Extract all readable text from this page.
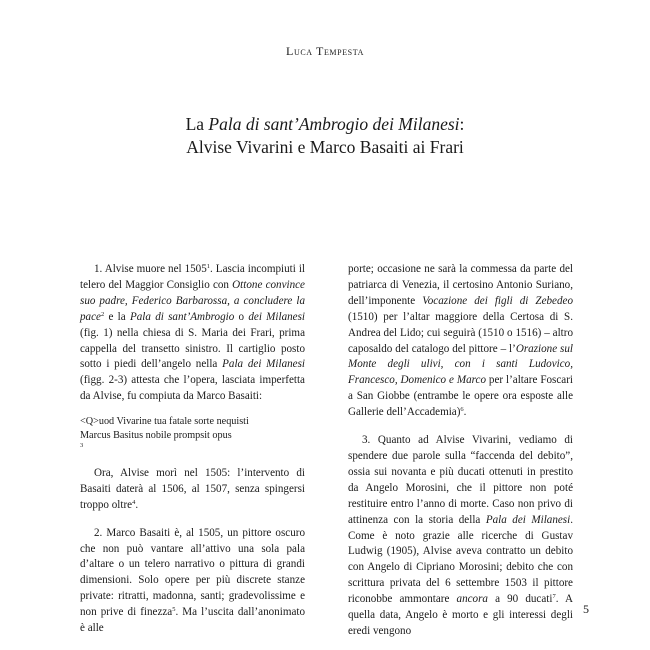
Luca Tempesta
La Pala di sant’Ambrogio dei Milanesi:
Alvise Vivarini e Marco Basaiti ai Frari

1. Alvise muore nel 1505$^1$. Lascia incompiuti il telero del Maggior Consiglio con Ottone convince suo padre, Federico Barbarossa, a concludere la pace$^2$ e la Pala di sant’Ambrogio o dei Milanesi (fig. 1) nella chiesa di S. Maria dei Frari, prima cappella del transetto sinistro. Il cartiglio posto sotto i piedi dell’angelo nella Pala dei Milanesi (figg. 2-3) attesta che l’opera, lasciata imperfetta da Alvise, fu compiuta da Marco Basaiti:

<Q>uod Vivarine tua fatale sorte nequisti
Marcus Basitus nobile prompsit opus
$^3$

Ora, Alvise morì nel 1505: l’intervento di Basaiti daterà al 1506, al 1507, senza spingersi troppo oltre$^4$.

2. Marco Basaiti è, al 1505, un pittore oscuro che non può vantare all’attivo una sola pala d’altare o un telero narrativo o pittura di grandi dimensioni. Solo opere per più discrete stanze private: ritratti, madonna, santi; gradevolissime e non prive di finezza$^5$. Ma l’uscita dall’anonimato è alle

porte; occasione ne sarà la commessa da parte del patriarca di Venezia, il certosino Antonio Suriano, dell’imponente Vocazione dei figli di Zebedeo (1510) per l’altar maggiore della Certosa di S. Andrea del Lido; cui seguirà (1510 o 1516) – altro caposaldo del catalogo del pittore – l’Orazione sul Monte degli ulivi, con i santi Ludovico, Francesco, Domenico e Marco per l’altare Foscari a San Giobbe (entrambe le opere ora esposte alle Gallerie dell’Accademia)$^6$.

3. Quanto ad Alvise Vivarini, vediamo di spendere due parole sulla “faccenda del debito”, ossia sui novanta e più ducati ottenuti in prestito da Angelo Morosini, che il pittore non poté restituire entro l’anno di morte. Caso non privo di attinenza con la storia della Pala dei Milanesi. Come è noto grazie alle ricerche di Gustav Ludwig (1905), Alvise aveva contratto un debito con Angelo di Cipriano Morosini; debito che con scrittura privata del 6 settembre 1503 il pittore riconobbe ammontare ancora a 90 ducati$^7$. A quella data, Angelo è morto e gli interessi degli eredi vengono

5
